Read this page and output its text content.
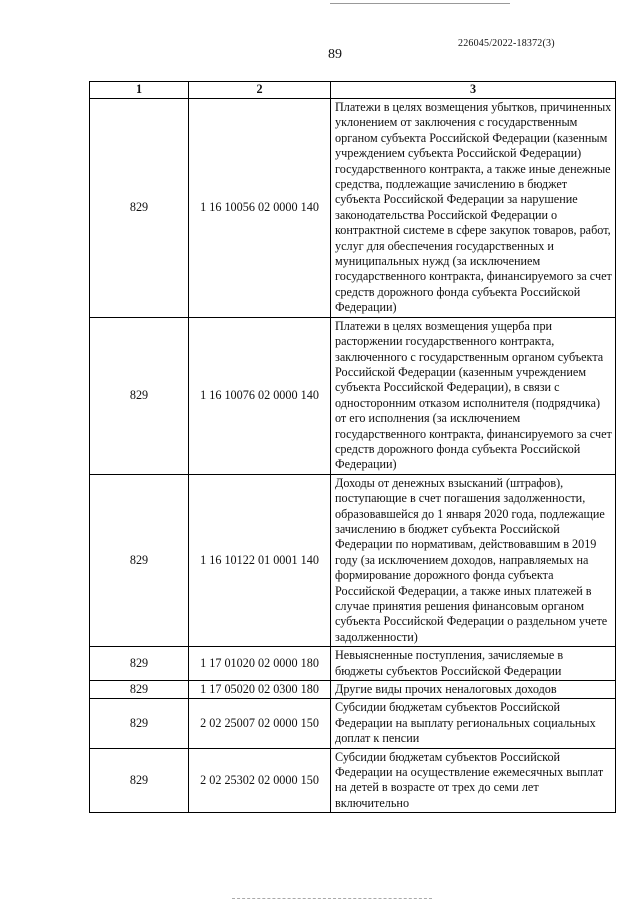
226045/2022-18372(3)
89
1	2	3
829	1 16 10056 02 0000 140	Платежи в целях возмещения убытков, причиненных уклонением от заключения с государственным органом субъекта Российской Федерации (казенным учреждением субъекта Российской Федерации) государственного контракта, а также иные денежные средства, подлежащие зачислению в бюджет субъекта Российской Федерации за нарушение законодательства Российской Федерации о контрактной системе в сфере закупок товаров, работ, услуг для обеспечения государственных и муниципальных нужд (за исключением государственного контракта, финансируемого за счет средств дорожного фонда субъекта Российской Федерации)
829	1 16 10076 02 0000 140	Платежи в целях возмещения ущерба при расторжении государственного контракта, заключенного с государственным органом субъекта Российской Федерации (казенным учреждением субъекта Российской Федерации), в связи с односторонним отказом исполнителя (подрядчика) от его исполнения (за исключением государственного контракта, финансируемого за счет средств дорожного фонда субъекта Российской Федерации)
829	1 16 10122 01 0001 140	Доходы от денежных взысканий (штрафов), поступающие в счет погашения задолженности, образовавшейся до 1 января 2020 года, подлежащие зачислению в бюджет субъекта Российской Федерации по нормативам, действовавшим в 2019 году (за исключением доходов, направляемых на формирование дорожного фонда субъекта Российской Федерации, а также иных платежей в случае принятия решения финансовым органом субъекта Российской Федерации о раздельном учете задолженности)
829	1 17 01020 02 0000 180	Невыясненные поступления, зачисляемые в бюджеты субъектов Российской Федерации
829	1 17 05020 02 0300 180	Другие виды прочих неналоговых доходов
829	2 02 25007 02 0000 150	Субсидии бюджетам субъектов Российской Федерации на выплату региональных социальных доплат к пенсии
829	2 02 25302 02 0000 150	Субсидии бюджетам субъектов Российской Федерации на осуществление ежемесячных выплат на детей в возрасте от трех до семи лет включительно
